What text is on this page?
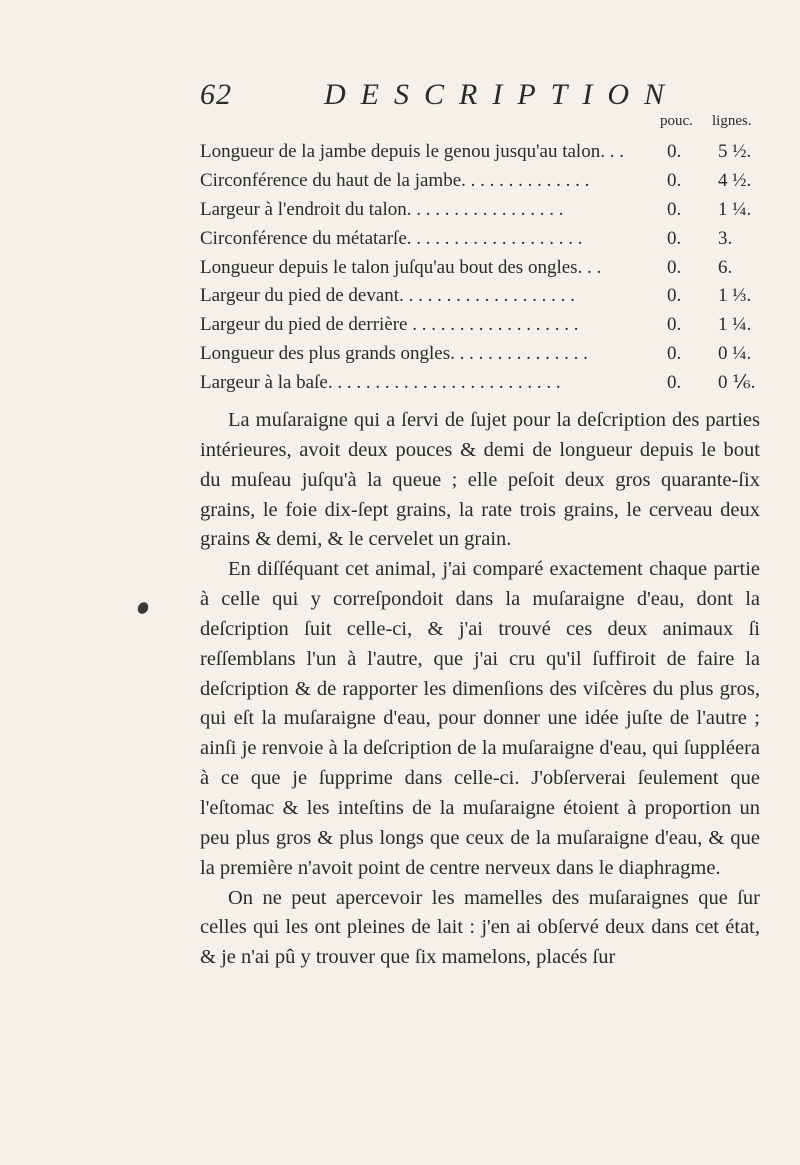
62	DESCRIPTION
pouc. lignes.
Longueur de la jambe depuis le genou jusqu'au talon. . . 0. 5 ½.
Circonférence du haut de la jambe. . . . . . . . . . . . . .	0. 4 ½.
Largeur à l'endroit du talon. . . . . . . . . . . . . . . . .	0. 1 ¼.
Circonférence du métatarſe. . . . . . . . . . . . . . . . . . .	0. 3.
Longueur depuis le talon juſqu'au bout des ongles. . .	0. 6.
Largeur du pied de devant. . . . . . . . . . . . . . . . . . .	0. 1 ⅓.
Largeur du pied de derrière . . . . . . . . . . . . . . . . . .	0. 1 ¼.
Longueur des plus grands ongles. . . . . . . . . . . . . . .	0. 0 ¼.
Largeur à la baſe. . . . . . . . . . . . . . . . . . . . . . . . .	0. 0 ⅙.

La muſaraigne qui a ſervi de ſujet pour la deſcription des parties intérieures, avoit deux pouces & demi de longueur depuis le bout du muſeau juſqu'à la queue ; elle peſoit deux gros quarante-ſix grains, le foie dix-ſept grains, la rate trois grains, le cerveau deux grains & demi, & le cervelet un grain.

En diſſéquant cet animal, j'ai comparé exactement chaque partie à celle qui y correſpondoit dans la muſaraigne d'eau, dont la deſcription ſuit celle-ci, & j'ai trouvé ces deux animaux ſi reſſemblans l'un à l'autre, que j'ai cru qu'il ſuffiroit de faire la deſcription & de rapporter les dimenſions des viſcères du plus gros, qui eſt la muſaraigne d'eau, pour donner une idée juſte de l'autre ; ainſi je renvoie à la deſcription de la muſaraigne d'eau, qui ſuppléera à ce que je ſupprime dans celle-ci. J'obſerverai ſeulement que l'eſtomac & les inteſtins de la muſaraigne étoient à proportion un peu plus gros & plus longs que ceux de la muſaraigne d'eau, & que la première n'avoit point de centre nerveux dans le diaphragme.

On ne peut apercevoir les mamelles des muſaraignes que ſur celles qui les ont pleines de lait : j'en ai obſervé deux dans cet état, & je n'ai pû y trouver que ſix mamelons, placés ſur
